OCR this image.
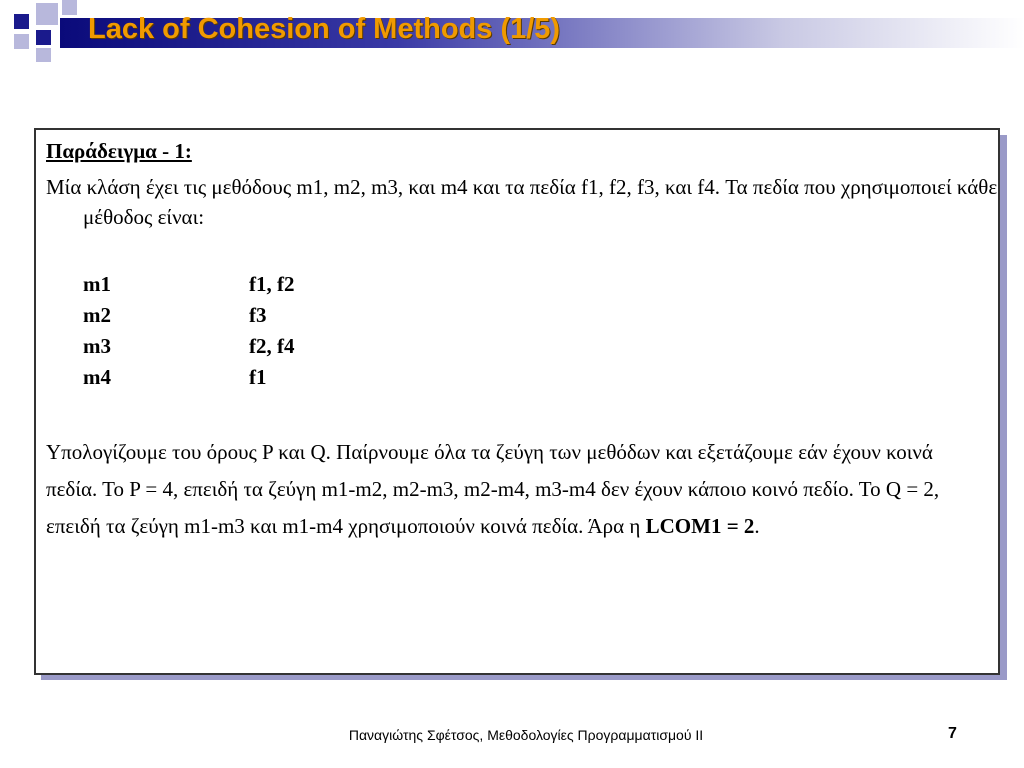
Lack of Cohesion of Methods (1/5)
Παράδειγμα - 1:
Μία κλάση έχει τις μεθόδους m1, m2, m3, και m4 και τα πεδία f1, f2, f3, και f4. Τα πεδία που χρησιμοποιεί κάθε μέθοδος είναι:
m1	f1, f2
m2	f3
m3	f2, f4
m4	f1
Υπολογίζουμε του όρους P και Q. Παίρνουμε όλα τα ζεύγη των μεθόδων και εξετάζουμε εάν έχουν κοινά πεδία. Το P = 4, επειδή τα ζεύγη m1-m2, m2-m3, m2-m4, m3-m4 δεν έχουν κάποιο κοινό πεδίο. Το Q = 2, επειδή τα ζεύγη m1-m3 και m1-m4 χρησιμοποιούν κοινά πεδία. Άρα η LCOM1 = 2.
Παναγιώτης Σφέτσος, Μεθοδολογίες Προγραμματισμού ΙΙ	7
